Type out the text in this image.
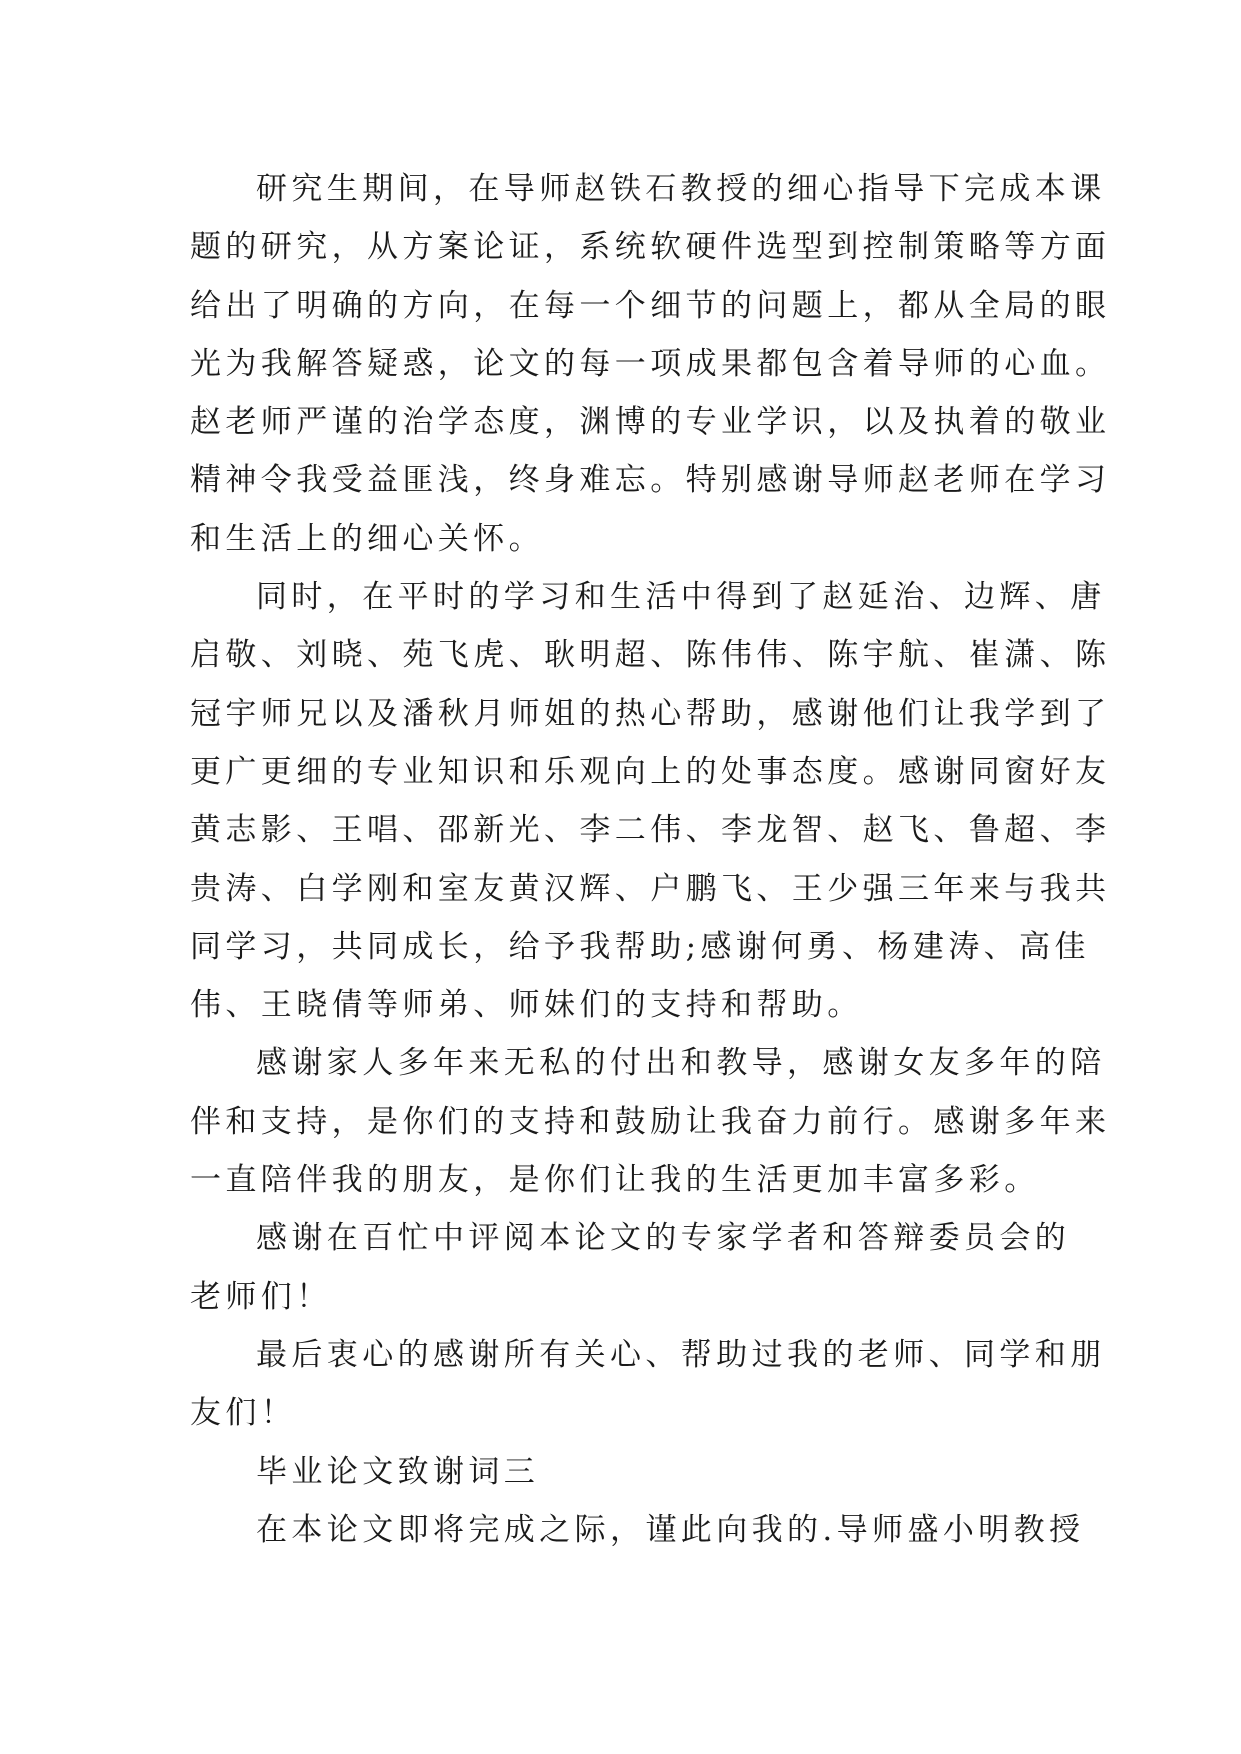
研究生期间，在导师赵铁石教授的细心指导下完成本课
题的研究，从方案论证，系统软硬件选型到控制策略等方面
给出了明确的方向，在每一个细节的问题上，都从全局的眼
光为我解答疑惑，论文的每一项成果都包含着导师的心血。
赵老师严谨的治学态度，渊博的专业学识，以及执着的敬业
精神令我受益匪浅，终身难忘。特别感谢导师赵老师在学习
和生活上的细心关怀。
同时，在平时的学习和生活中得到了赵延治、边辉、唐
启敬、刘晓、苑飞虎、耿明超、陈伟伟、陈宇航、崔潇、陈
冠宇师兄以及潘秋月师姐的热心帮助，感谢他们让我学到了
更广更细的专业知识和乐观向上的处事态度。感谢同窗好友
黄志影、王唱、邵新光、李二伟、李龙智、赵飞、鲁超、李
贵涛、白学刚和室友黄汉辉、户鹏飞、王少强三年来与我共
同学习，共同成长，给予我帮助;感谢何勇、杨建涛、高佳
伟、王晓倩等师弟、师妹们的支持和帮助。
感谢家人多年来无私的付出和教导，感谢女友多年的陪
伴和支持，是你们的支持和鼓励让我奋力前行。感谢多年来
一直陪伴我的朋友，是你们让我的生活更加丰富多彩。
感谢在百忙中评阅本论文的专家学者和答辩委员会的
老师们！
最后衷心的感谢所有关心、帮助过我的老师、同学和朋
友们！
毕业论文致谢词三
在本论文即将完成之际，谨此向我的.导师盛小明教授
